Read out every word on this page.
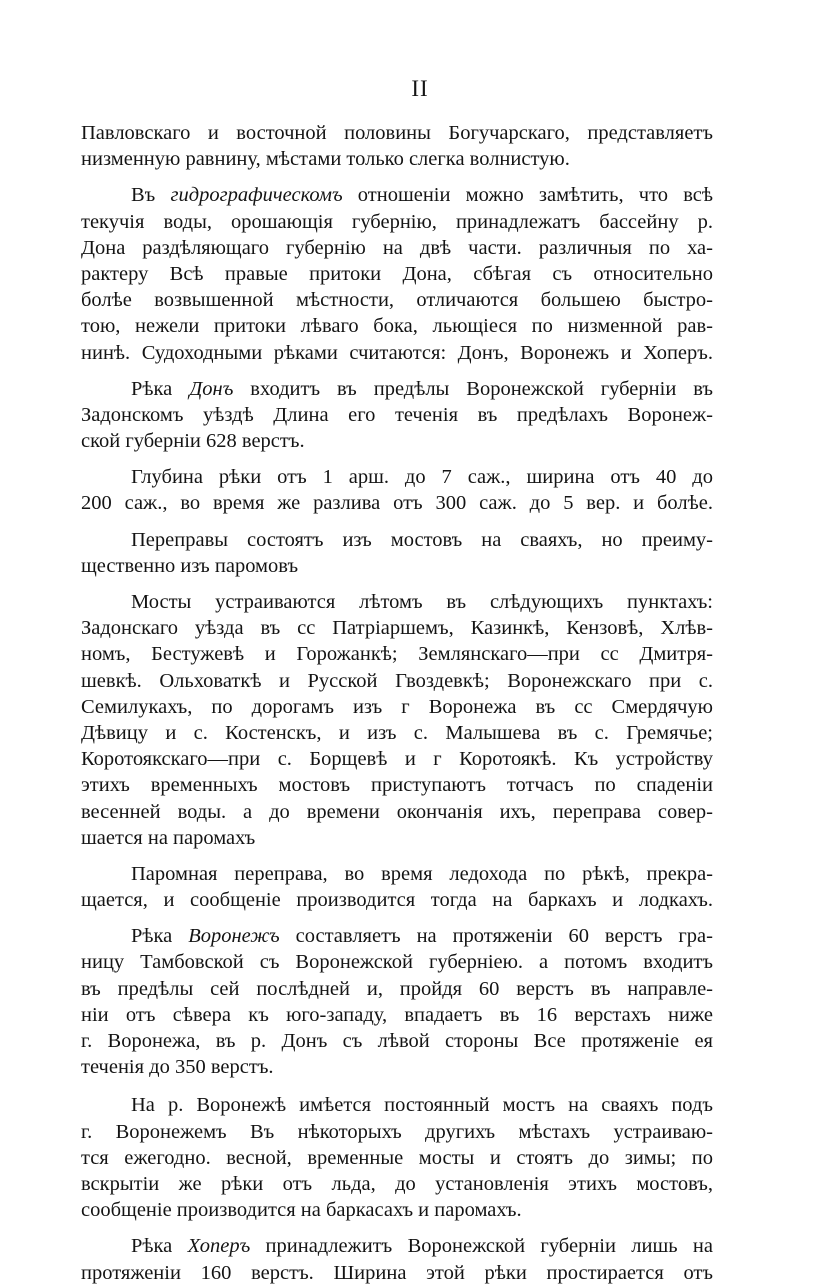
II
Павловскаго и восточной половины Богучарскаго, представляетъ
низменную равнину, мѣстами только слегка волнистую.
Въ гидрографическомъ отношеніи можно замѣтить, что всѣ
текучія воды, орошающія губернію, принадлежатъ бассейну р.
Дона раздѣляющаго губернію на двѣ части. различныя по ха-
рактеру Всѣ правые притоки Дона, сбѣгая съ относительно
болѣе возвышенной мѣстности, отличаются большею быстро-
тою, нежели притоки лѣваго бока, льющіеся по низменной рав-
нинѣ. Судоходными рѣками считаются: Донъ, Воронежъ и Хоперъ.
Рѣка Донъ входитъ въ предѣлы Воронежской губерніи въ
Задонскомъ уѣздѣ Длина его теченія въ предѣлахъ Воронеж-
ской губерніи 628 верстъ.
Глубина рѣки отъ 1 арш. до 7 саж., ширина отъ 40 до
200 саж., во время же разлива отъ 300 саж. до 5 вер. и болѣе.
Переправы состоятъ изъ мостовъ на сваяхъ, но преиму-
щественно изъ паромовъ
Мосты устраиваются лѣтомъ въ слѣдующихъ пунктахъ:
Задонскаго уѣзда въ сс Патріаршемъ, Казинкѣ, Кензовѣ, Хлѣв-
номъ, Бестужевѣ и Горожанкѣ; Землянскаго—при сс Дмитря-
шевкѣ. Ольховаткѣ и Русской Гвоздевкѣ; Воронежскаго при с.
Семилукахъ, по дорогамъ изъ г Воронежа въ сс Смердячую
Дѣвицу и с. Костенскъ, и изъ с. Малышева въ с. Гремячье;
Коротоякскаго—при с. Борщевѣ и г Коротоякѣ. Къ устройству
этихъ временныхъ мостовъ приступаютъ тотчасъ по спаденіи
весенней воды. а до времени окончанія ихъ, переправа совер-
шается на паромахъ
Паромная переправа, во время ледохода по рѣкѣ, прекра-
щается, и сообщеніе производится тогда на баркахъ и лодкахъ.
Рѣка Воронежъ составляетъ на протяженіи 60 верстъ гра-
ницу Тамбовской съ Воронежской губерніею. а потомъ входитъ
въ предѣлы сей послѣдней и, пройдя 60 верстъ въ направле-
ніи отъ сѣвера къ юго-западу, впадаетъ въ 16 верстахъ ниже
г. Воронежа, въ р. Донъ съ лѣвой стороны Все протяженіе ея
теченія до 350 верстъ.
На р. Воронежѣ имѣется постоянный мостъ на сваяхъ подъ
г. Воронежемъ Въ нѣкоторыхъ другихъ мѣстахъ устраиваю-
тся ежегодно. весной, временные мосты и стоятъ до зимы; по
вскрытіи же рѣки отъ льда, до установленія этихъ мостовъ,
сообщеніе производится на баркасахъ и паромахъ.
Рѣка Хоперъ принадлежитъ Воронежской губерніи лишь на
протяженіи 160 верстъ. Ширина этой рѣки простирается отъ
